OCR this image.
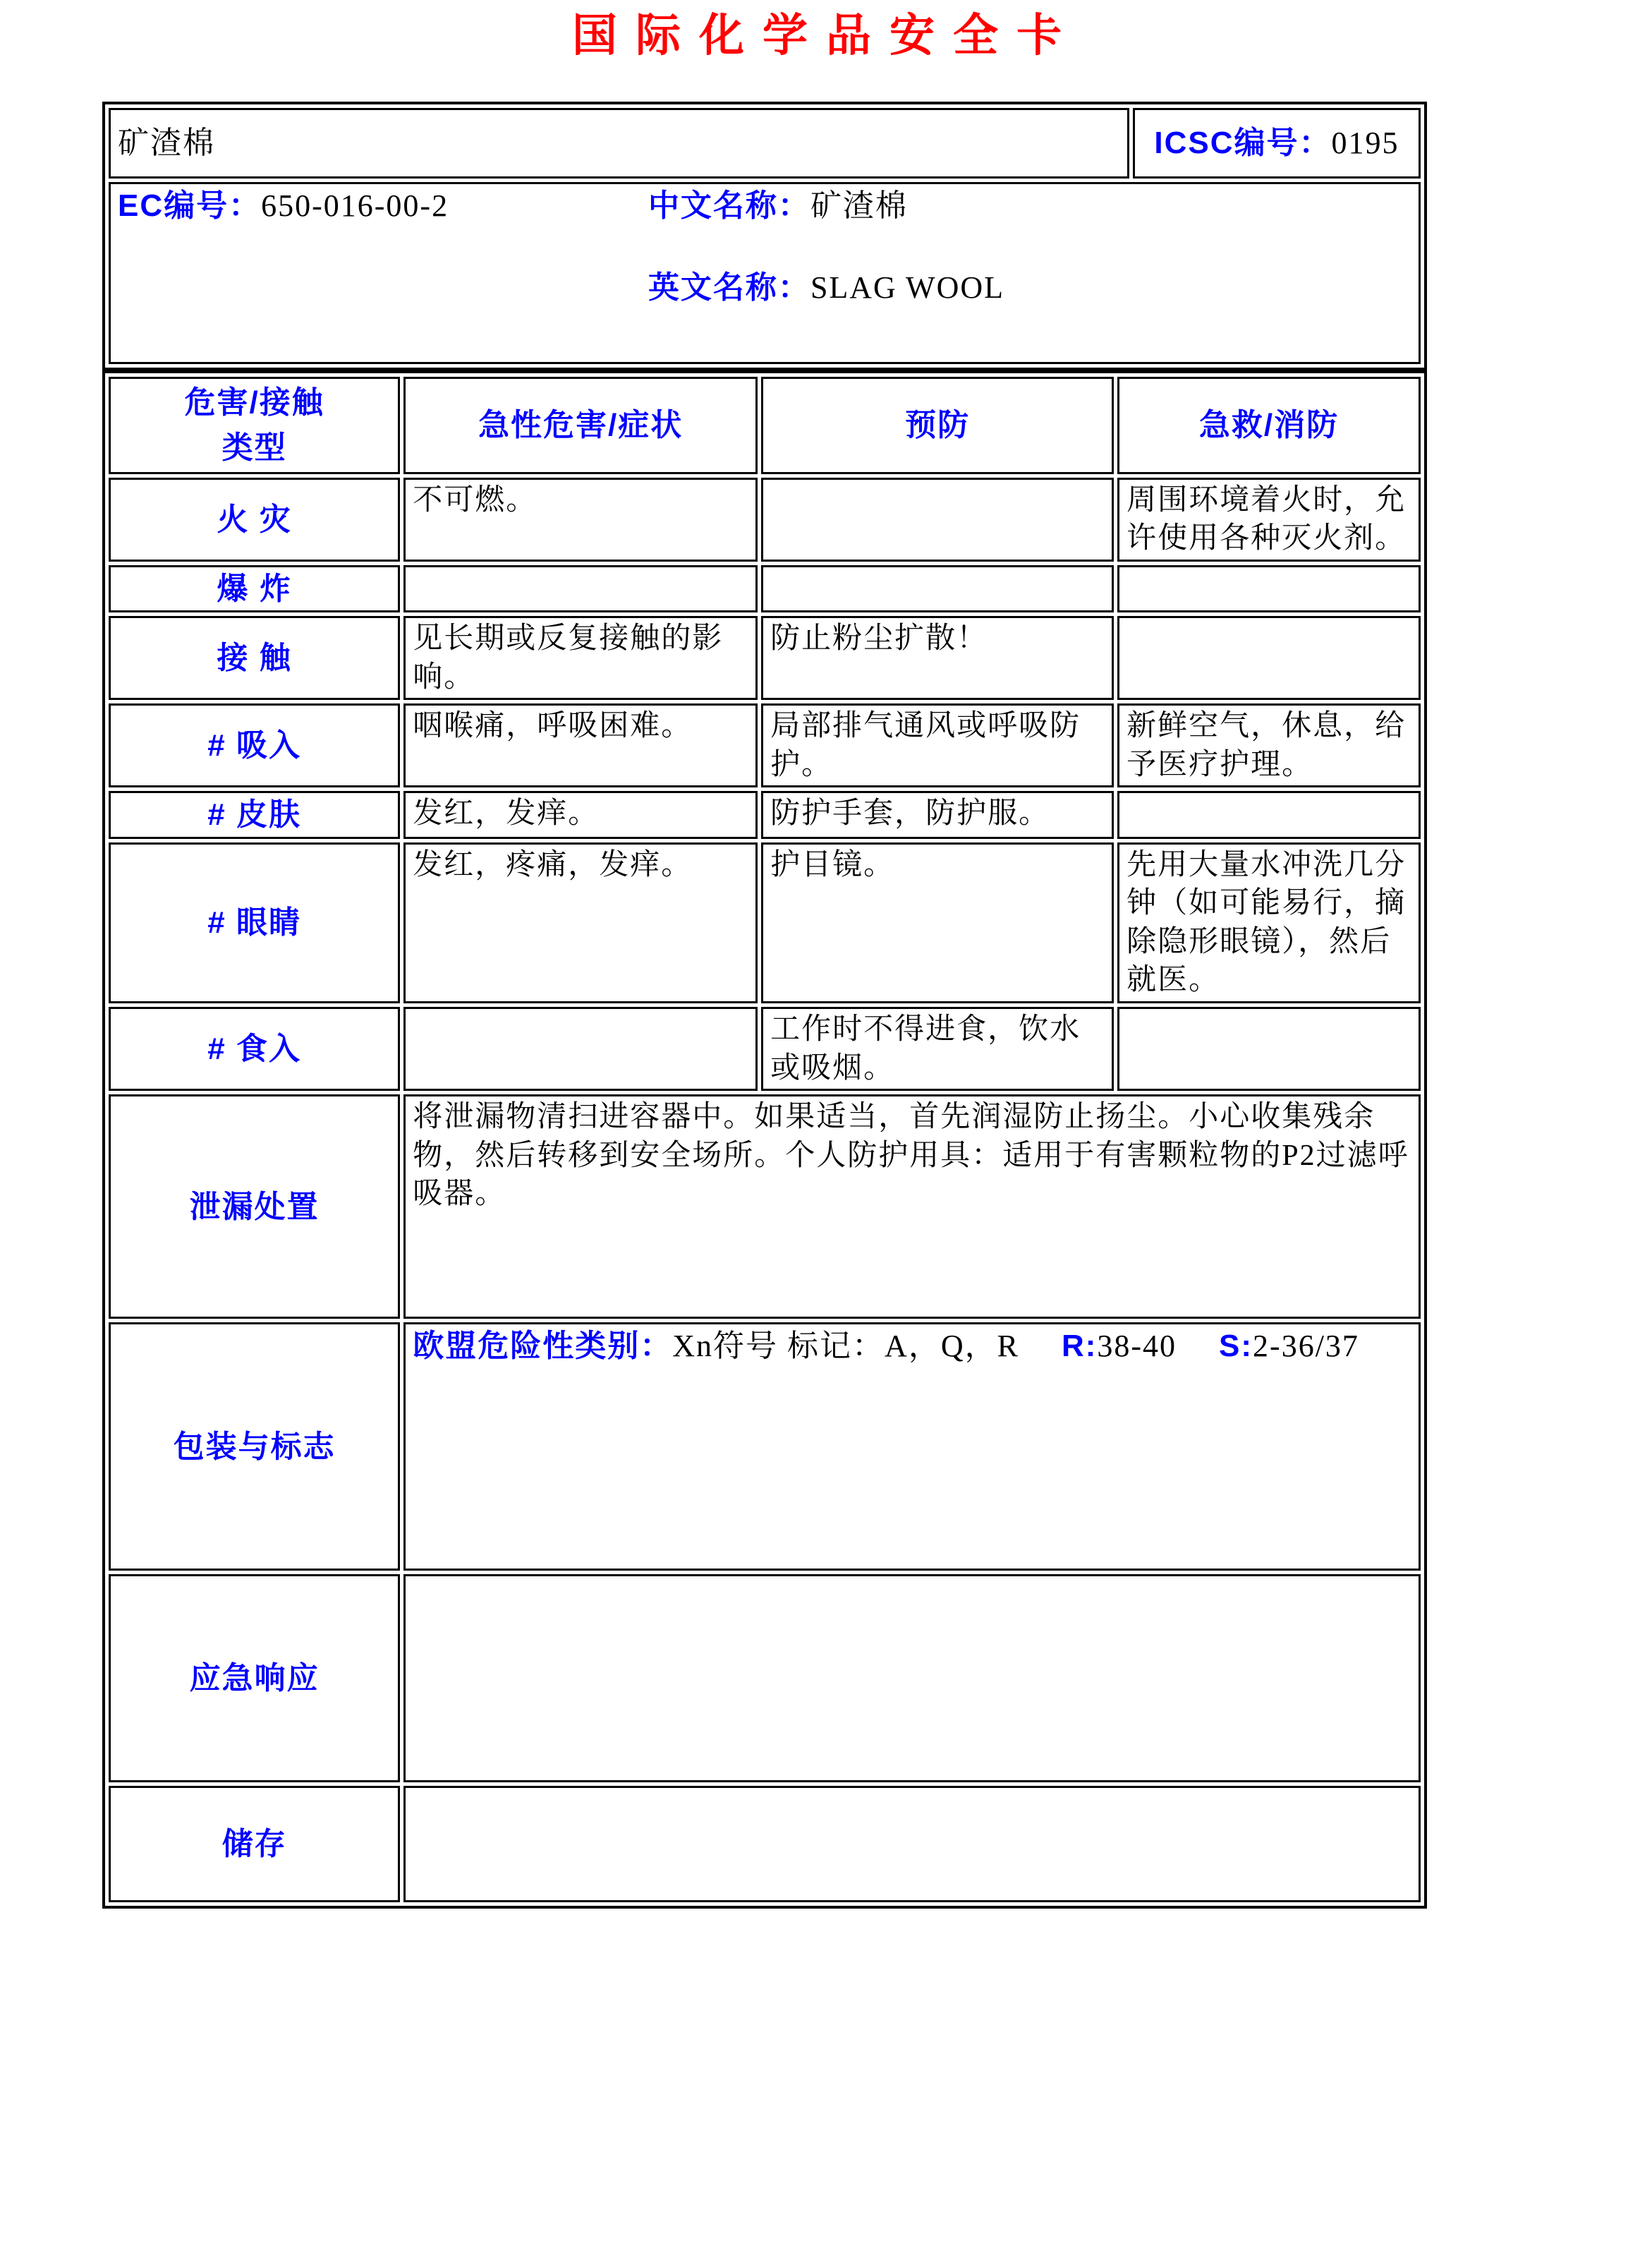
国际化学品安全卡
矿渣棉	ICSC编号：0195

EC编号：650-016-00-2	中文名称：矿渣棉
英文名称：SLAG WOOL
危害/接触
类型	急性危害/症状	预防	急救/消防
火 灾	不可燃。		周围环境着火时，允许使用各种灭火剂。
爆 炸			
接 触	见长期或反复接触的影响。	防止粉尘扩散！	
# 吸入	咽喉痛，呼吸困难。	局部排气通风或呼吸防护。	新鲜空气，休息，给予医疗护理。
# 皮肤	发红，发痒。	防护手套，防护服。	
# 眼睛	发红，疼痛，发痒。	护目镜。	先用大量水冲洗几分钟（如可能易行，摘除隐形眼镜），然后就医。
# 食入		工作时不得进食，饮水或吸烟。	
泄漏处置	将泄漏物清扫进容器中。如果适当，首先润湿防止扬尘。小心收集残余物，然后转移到安全场所。个人防护用具：适用于有害颗粒物的P2过滤呼吸器。		
包装与标志	欧盟危险性类别：Xn符号 标记：A，Q，R R:38-40 S:2-36/37		
应急响应			
储存			
